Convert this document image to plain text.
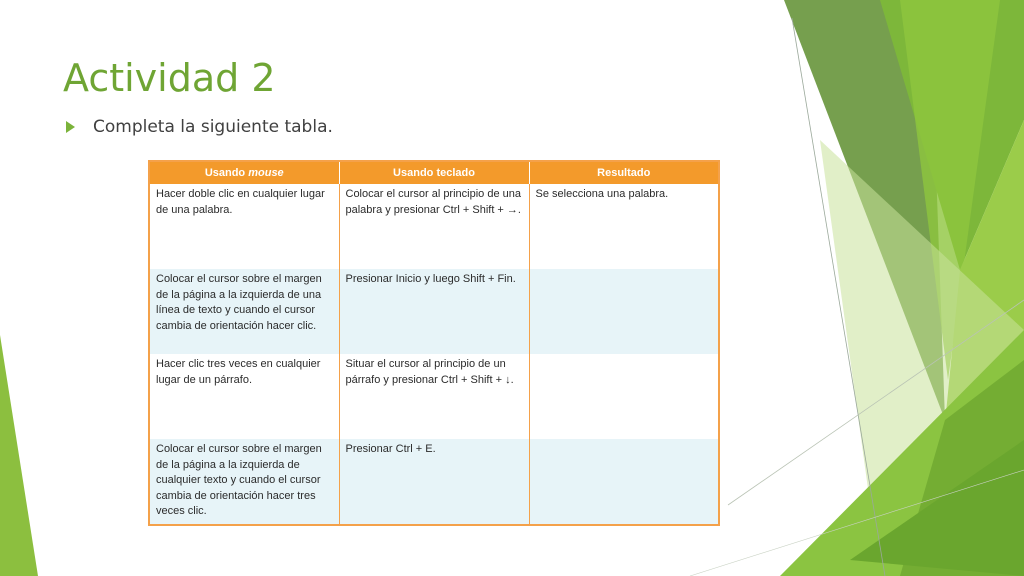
Actividad 2
Completa la siguiente tabla.
Usando mouse	Usando teclado	Resultado
Hacer doble clic en cualquier lugar de una palabra.	Colocar el cursor al principio de una palabra y presionar Ctrl + Shift + →.	Se selecciona una palabra.
Colocar el cursor sobre el margen de la página a la izquierda de una línea de texto y cuando el cursor cambia de orientación hacer clic.	Presionar Inicio y luego Shift + Fin.	
Hacer clic tres veces en cualquier lugar de un párrafo.	Situar el cursor al principio de un párrafo y presionar Ctrl + Shift + ↓.	
Colocar el cursor sobre el margen de la página a la izquierda de cualquier texto y cuando el cursor cambia de orientación hacer tres veces clic.	Presionar Ctrl + E.	
